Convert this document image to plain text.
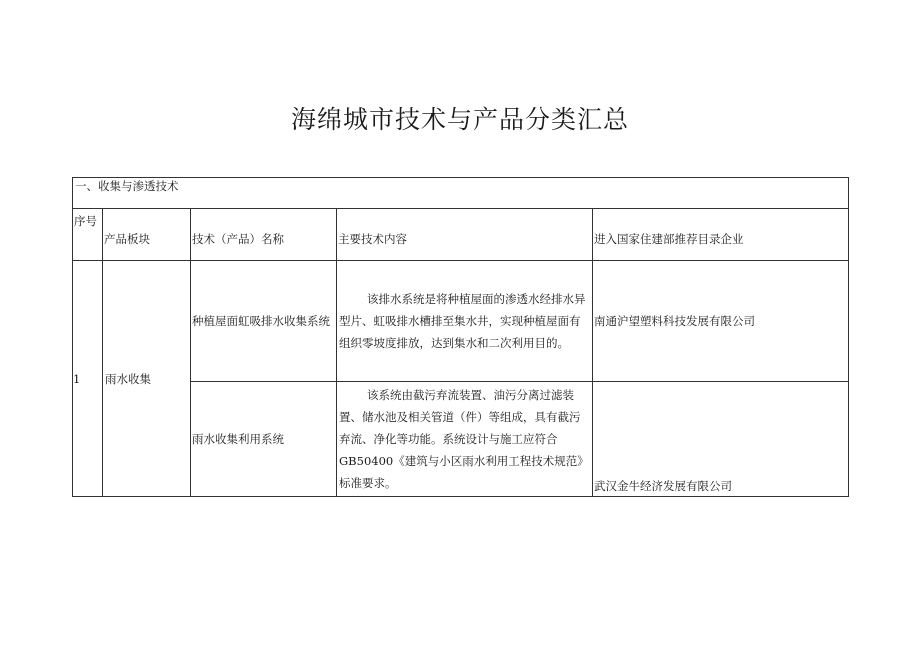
海绵城市技术与产品分类汇总
一、收集与渗透技术				

序号	产品板块	技术（产品）名称	主要技术内容	进入国家住建部推荐目录企业

1	雨水收集	种植屋面虹吸排水收集系统	该排水系统是将种植屋面的渗透水经排水异型片、虹吸排水槽排至集水井，实现种植屋面有组织零坡度排放，达到集水和二次利用目的。	南通沪望塑料科技发展有限公司
		雨水收集利用系统	该系统由截污弃流装置、油污分离过滤装置、储水池及相关管道（件）等组成，具有截污弃流、净化等功能。系统设计与施工应符合GB50400《建筑与小区雨水利用工程技术规范》标准要求。	武汉金牛经济发展有限公司
